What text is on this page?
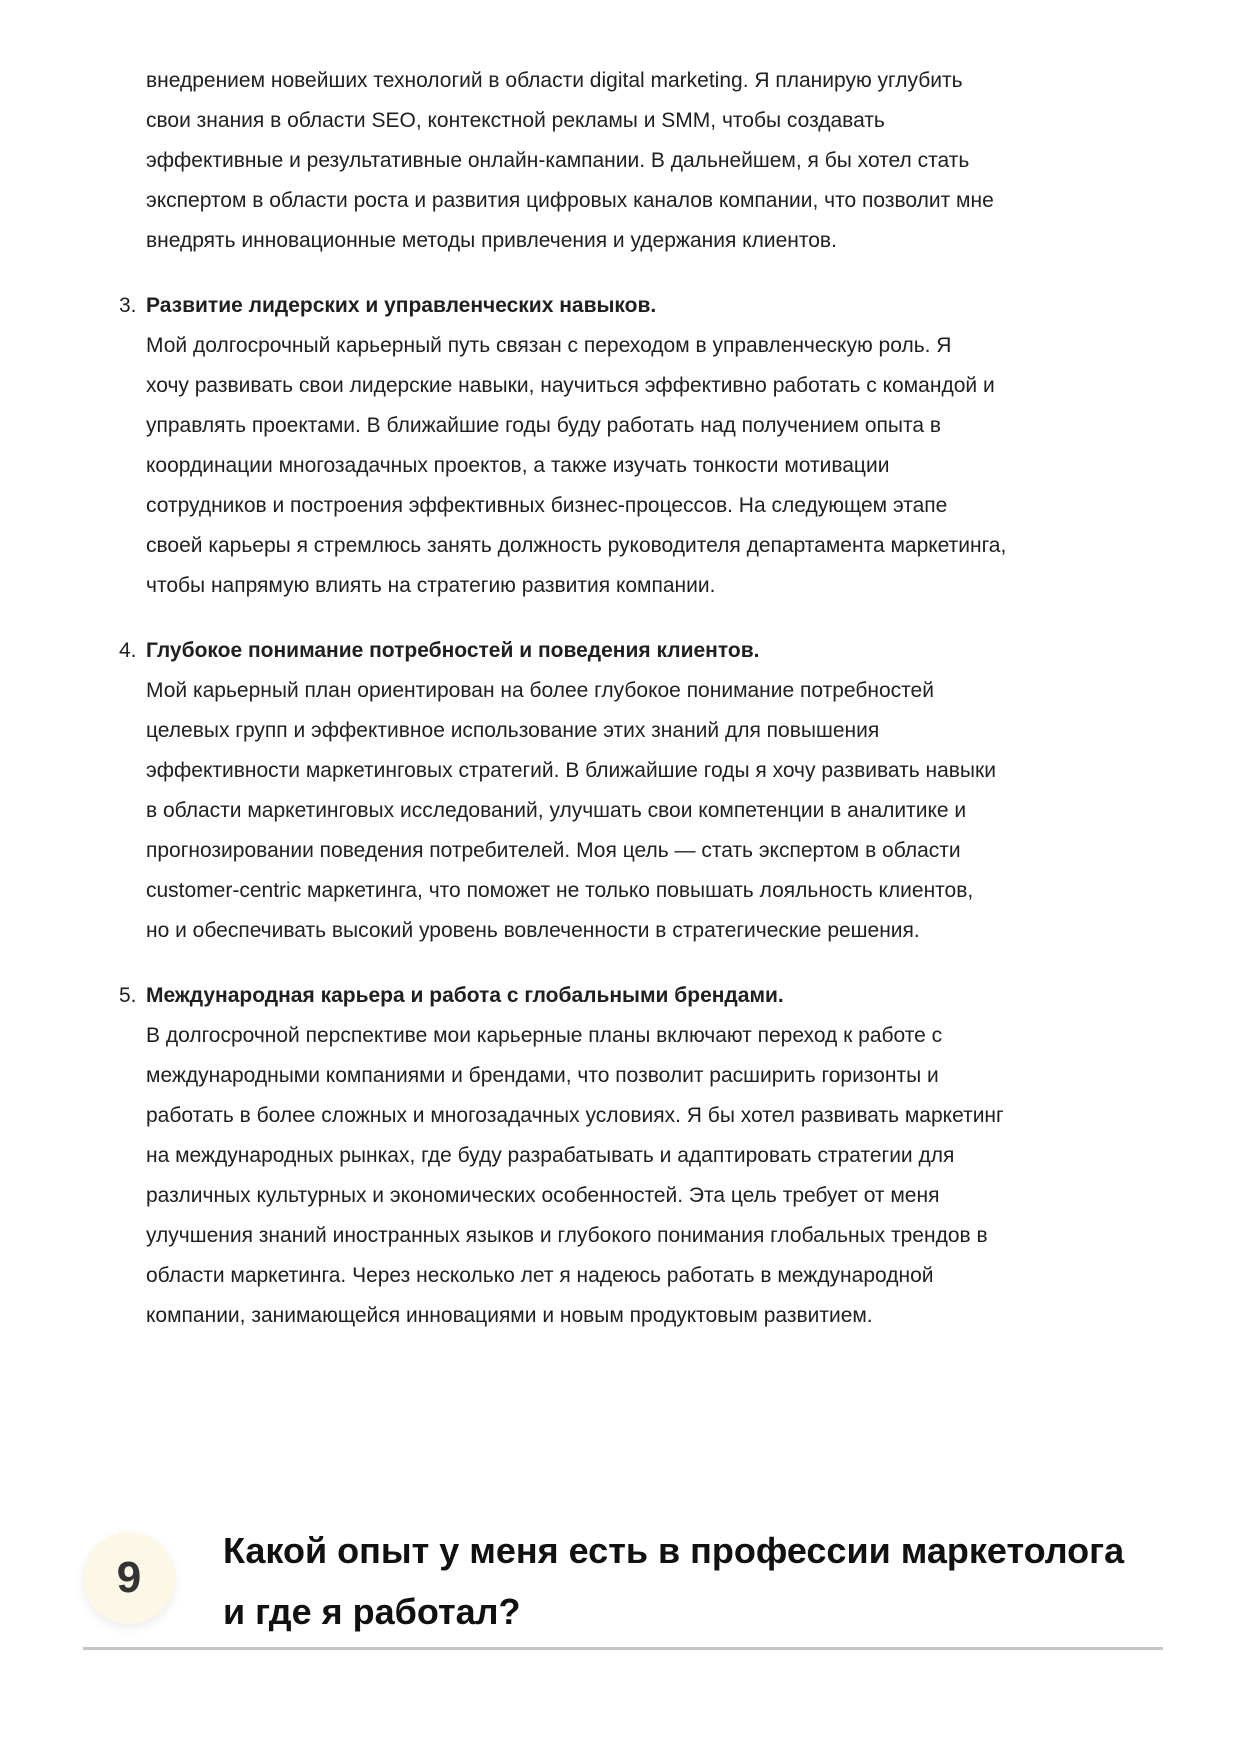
внедрением новейших технологий в области digital marketing. Я планирую углубить
свои знания в области SEO, контекстной рекламы и SMM, чтобы создавать
эффективные и результативные онлайн-кампании. В дальнейшем, я бы хотел стать
экспертом в области роста и развития цифровых каналов компании, что позволит мне
внедрять инновационные методы привлечения и удержания клиентов.
3. Развитие лидерских и управленческих навыков.
Мой долгосрочный карьерный путь связан с переходом в управленческую роль. Я
хочу развивать свои лидерские навыки, научиться эффективно работать с командой и
управлять проектами. В ближайшие годы буду работать над получением опыта в
координации многозадачных проектов, а также изучать тонкости мотивации
сотрудников и построения эффективных бизнес-процессов. На следующем этапе
своей карьеры я стремлюсь занять должность руководителя департамента маркетинга,
чтобы напрямую влиять на стратегию развития компании.
4. Глубокое понимание потребностей и поведения клиентов.
Мой карьерный план ориентирован на более глубокое понимание потребностей
целевых групп и эффективное использование этих знаний для повышения
эффективности маркетинговых стратегий. В ближайшие годы я хочу развивать навыки
в области маркетинговых исследований, улучшать свои компетенции в аналитике и
прогнозировании поведения потребителей. Моя цель — стать экспертом в области
customer-centric маркетинга, что поможет не только повышать лояльность клиентов,
но и обеспечивать высокий уровень вовлеченности в стратегические решения.
5. Международная карьера и работа с глобальными брендами.
В долгосрочной перспективе мои карьерные планы включают переход к работе с
международными компаниями и брендами, что позволит расширить горизонты и
работать в более сложных и многозадачных условиях. Я бы хотел развивать маркетинг
на международных рынках, где буду разрабатывать и адаптировать стратегии для
различных культурных и экономических особенностей. Эта цель требует от меня
улучшения знаний иностранных языков и глубокого понимания глобальных трендов в
области маркетинга. Через несколько лет я надеюсь работать в международной
компании, занимающейся инновациями и новым продуктовым развитием.
9
Какой опыт у меня есть в профессии маркетолога
и где я работал?
